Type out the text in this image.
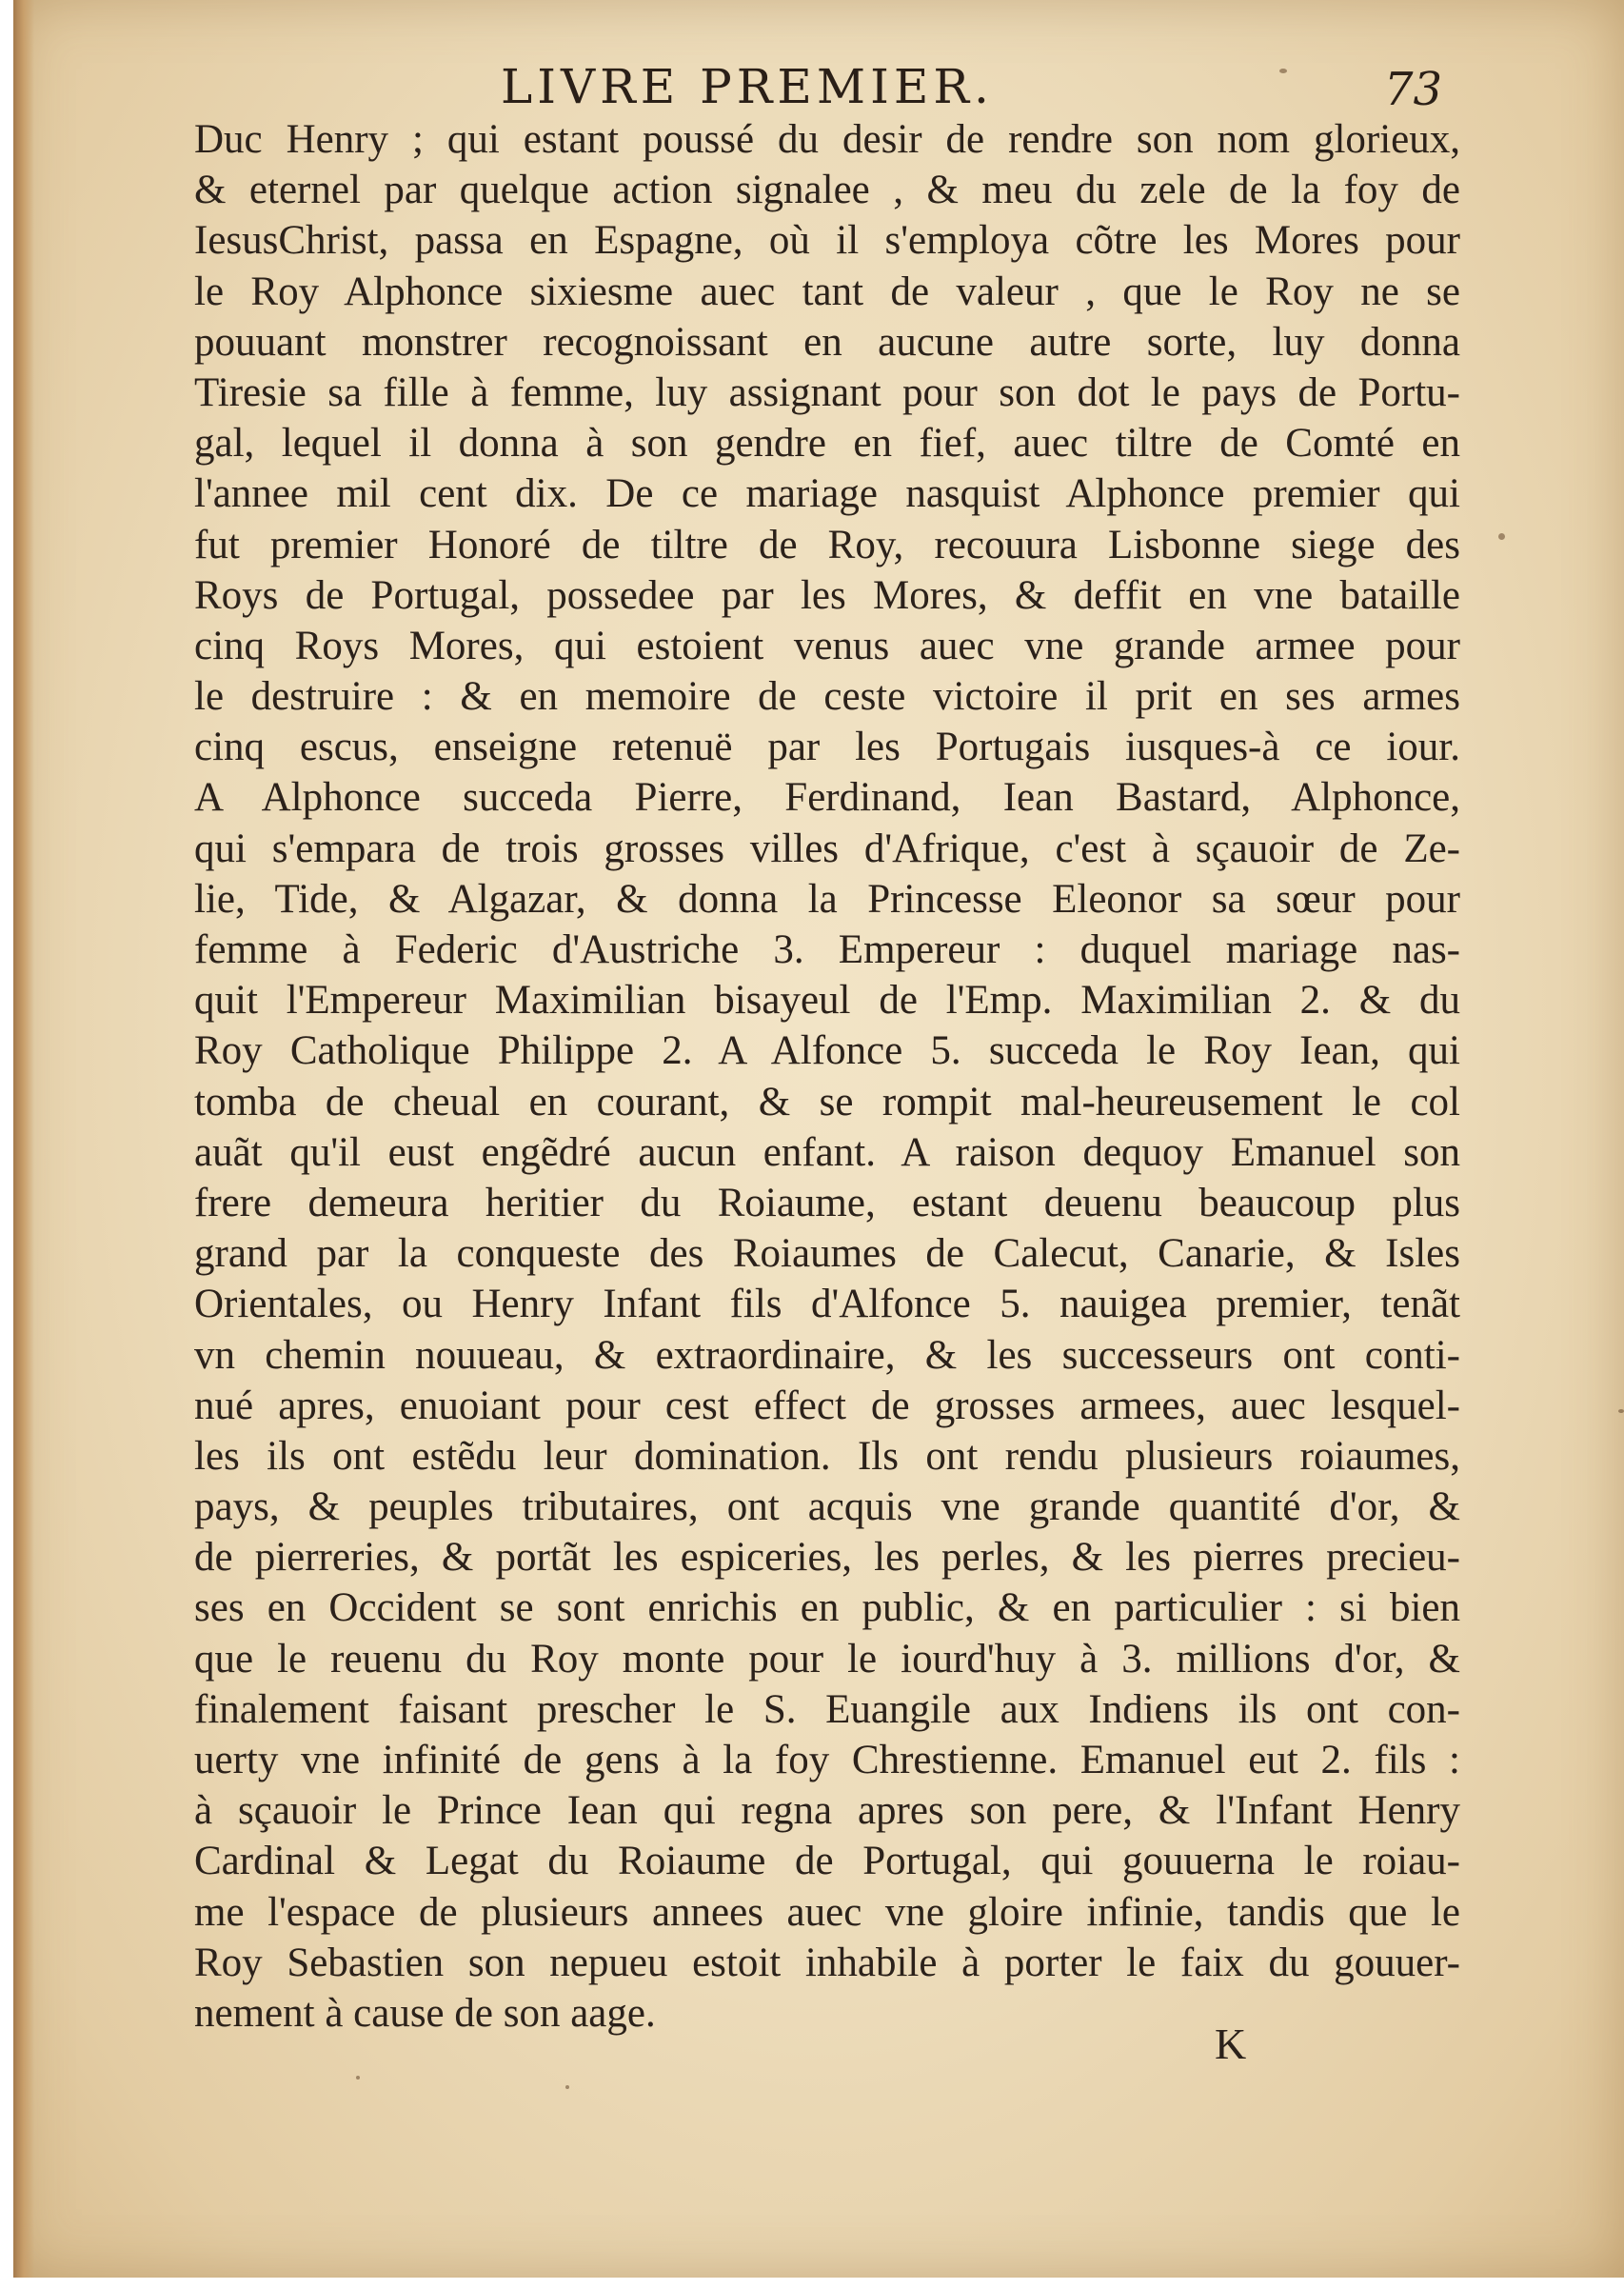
LIVRE PREMIER.	73
Duc Henry ; qui estant poussé du desir de rendre son nom glorieux,
& eternel par quelque action signalee , & meu du zele de la foy de
IesusChrist, passa en Espagne, où il s'employa cõtre les Mores pour
le Roy Alphonce sixiesme auec tant de valeur , que le Roy ne se
pouuant monstrer recognoissant en aucune autre sorte, luy donna
Tiresie sa fille à femme, luy assignant pour son dot le pays de Portu-
gal, lequel il donna à son gendre en fief, auec tiltre de Comté en
l'annee mil cent dix. De ce mariage nasquist Alphonce premier qui
fut premier Honoré de tiltre de Roy, recouura Lisbonne siege des
Roys de Portugal, possedee par les Mores, & deffit en vne bataille
cinq Roys Mores, qui estoient venus auec vne grande armee pour
le destruire : & en memoire de ceste victoire il prit en ses armes
cinq escus, enseigne retenuë par les Portugais iusques-à ce iour.
A Alphonce succeda Pierre, Ferdinand, Iean Bastard, Alphonce,
qui s'empara de trois grosses villes d'Afrique, c'est à sçauoir de Ze-
lie, Tide, & Algazar, & donna la Princesse Eleonor sa sœur pour
femme à Federic d'Austriche 3. Empereur : duquel mariage nas-
quit l'Empereur Maximilian bisayeul de l'Emp. Maximilian 2. & du
Roy Catholique Philippe 2. A Alfonce 5. succeda le Roy Iean, qui
tomba de cheual en courant, & se rompit mal-heureusement le col
auãt qu'il eust engẽdré aucun enfant. A raison dequoy Emanuel son
frere demeura heritier du Roiaume, estant deuenu beaucoup plus
grand par la conqueste des Roiaumes de Calecut, Canarie, & Isles
Orientales, ou Henry Infant fils d'Alfonce 5. nauigea premier, tenãt
vn chemin nouueau, & extraordinaire, & les successeurs ont conti-
nué apres, enuoiant pour cest effect de grosses armees, auec lesquel-
les ils ont estẽdu leur domination. Ils ont rendu plusieurs roiaumes,
pays, & peuples tributaires, ont acquis vne grande quantité d'or, &
de pierreries, & portãt les espiceries, les perles, & les pierres precieu-
ses en Occident se sont enrichis en public, & en particulier : si bien
que le reuenu du Roy monte pour le iourd'huy à 3. millions d'or, &
finalement faisant prescher le S. Euangile aux Indiens ils ont con-
uerty vne infinité de gens à la foy Chrestienne. Emanuel eut 2. fils :
à sçauoir le Prince Iean qui regna apres son pere, & l'Infant Henry
Cardinal & Legat du Roiaume de Portugal, qui gouuerna le roiau-
me l'espace de plusieurs annees auec vne gloire infinie, tandis que le
Roy Sebastien son nepueu estoit inhabile à porter le faix du gouuer-
nement à cause de son aage.
K
